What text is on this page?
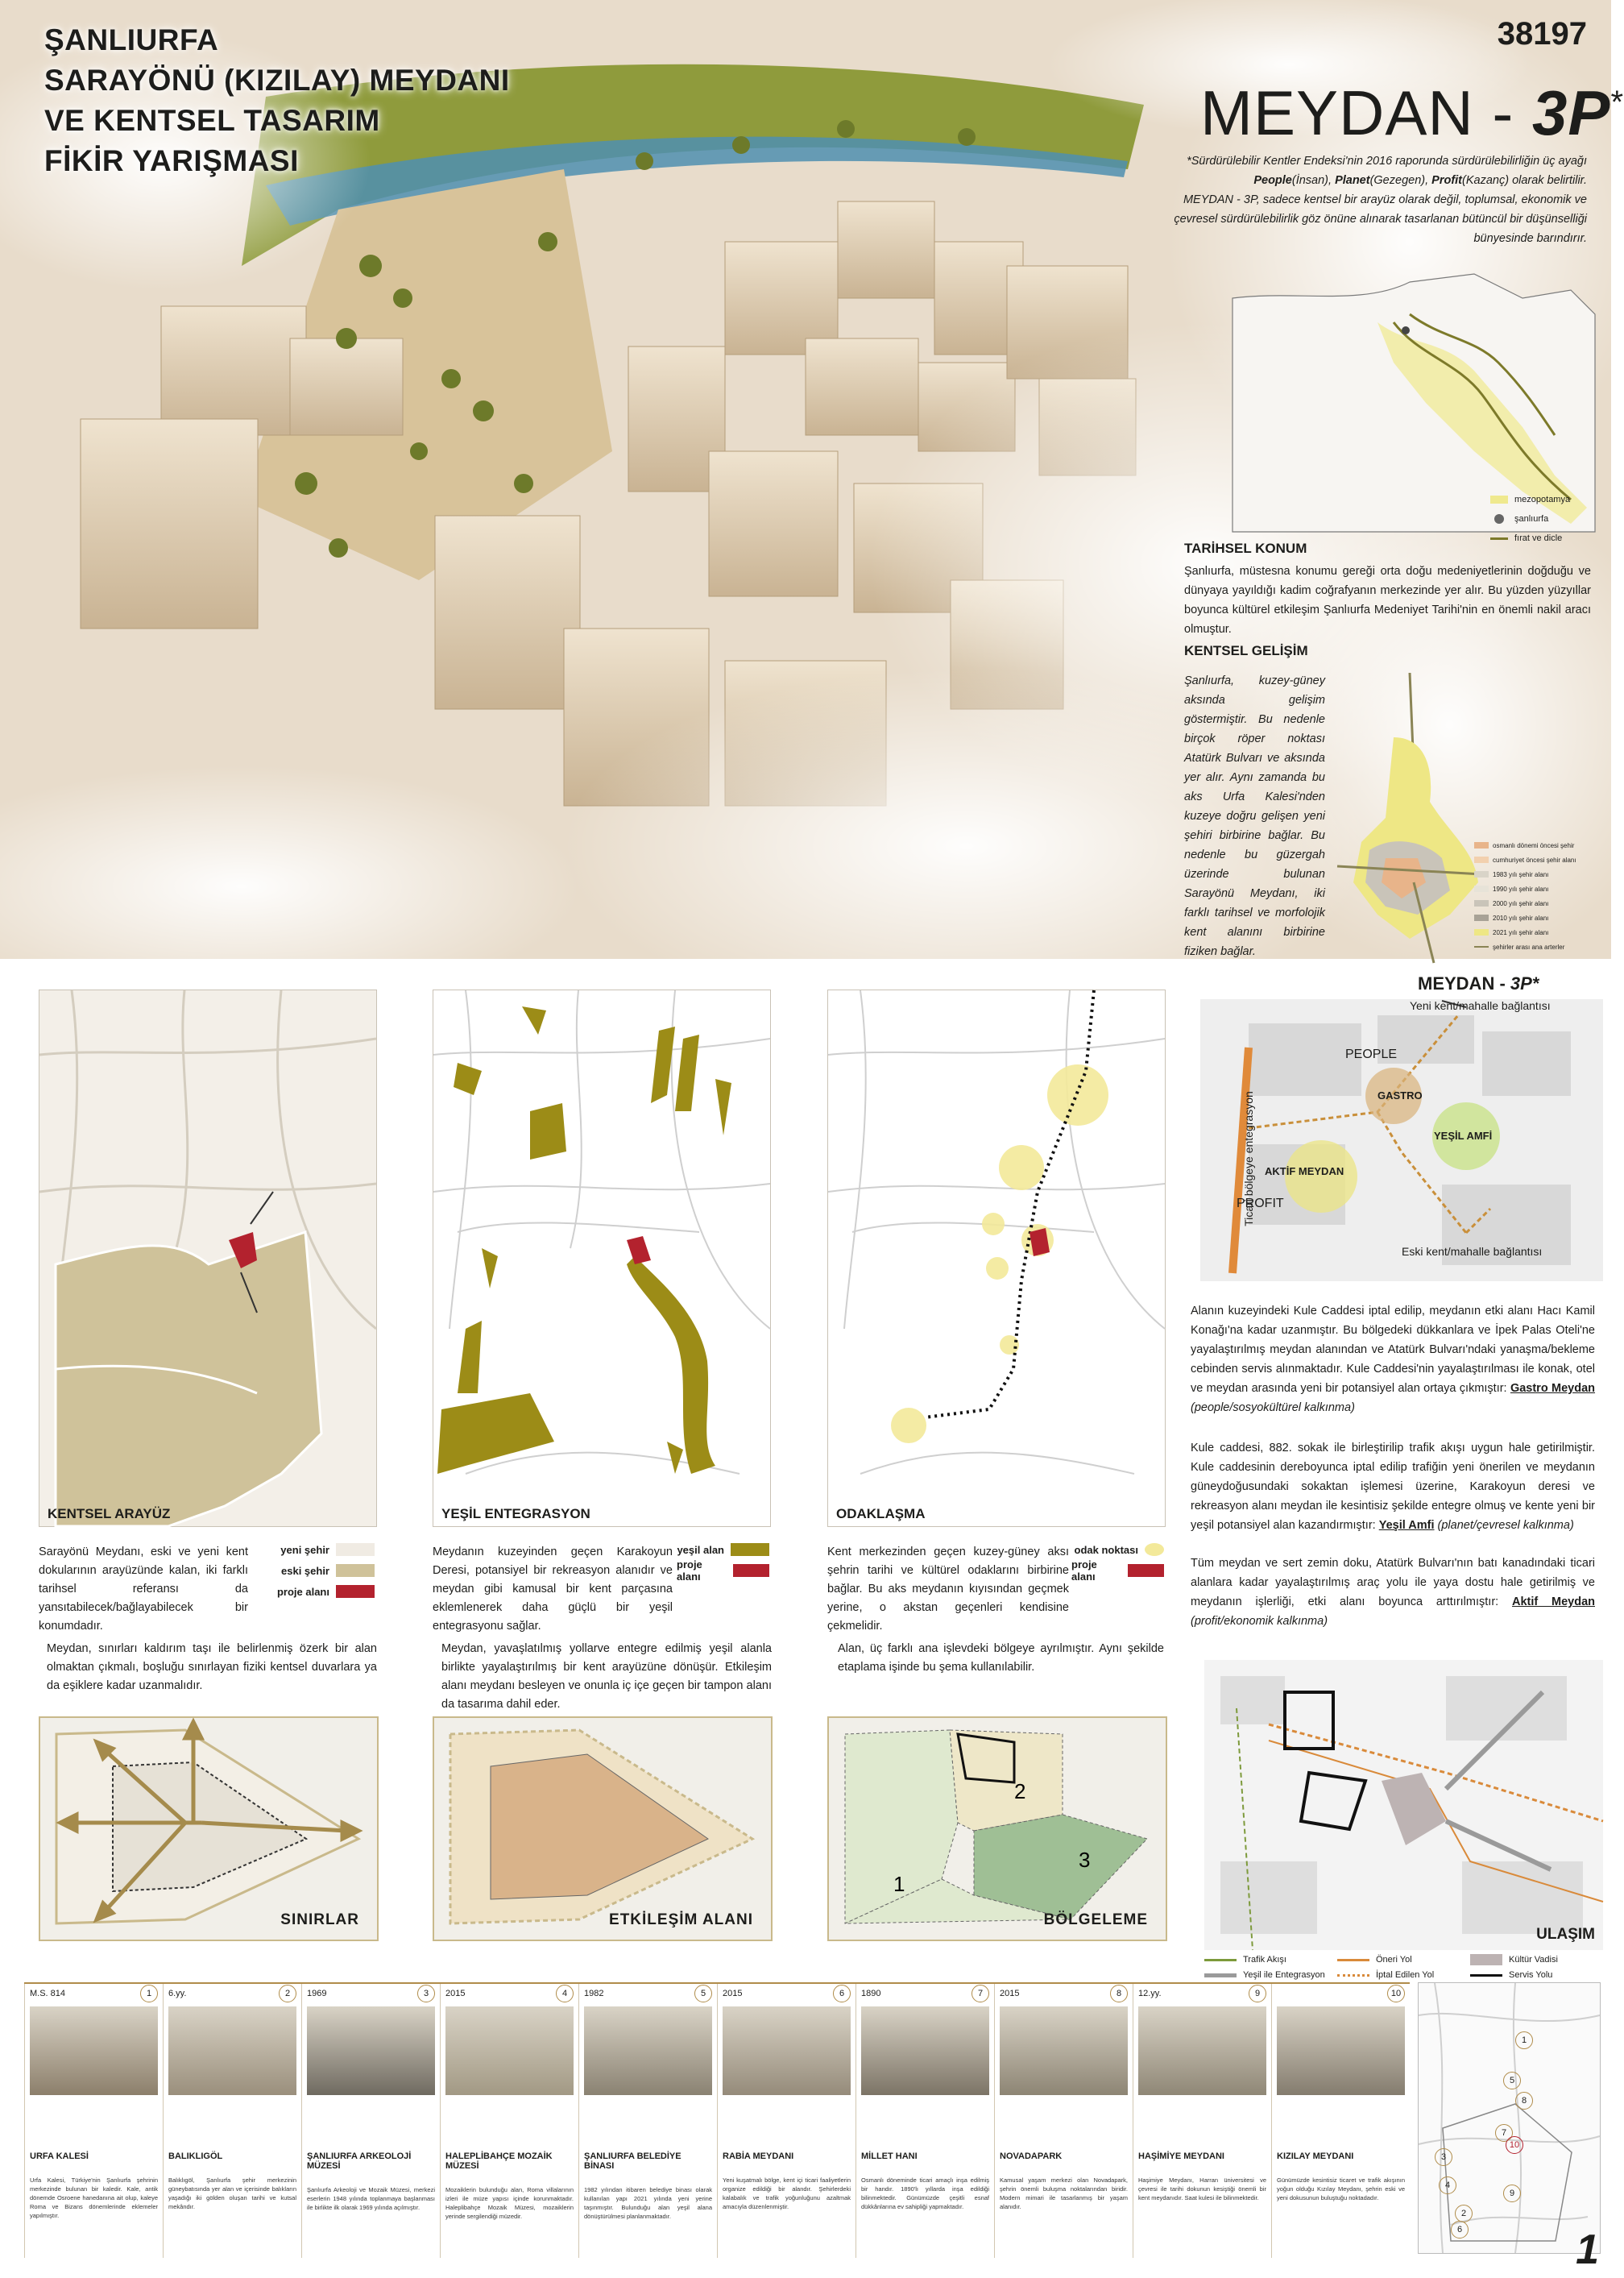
ŞANLIURFA
SARAYÖNÜ (KIZILAY) MEYDANI
VE KENTSEL TASARIM
FİKİR YARIŞMASI
38197
MEYDAN - 3P*
*Sürdürülebilir Kentler Endeksi'nin 2016 raporunda sürdürülebilirliğin üç ayağı
People(İnsan), Planet(Gezegen), Profit(Kazanç) olarak belirtilir.
MEYDAN - 3P, sadece kentsel bir arayüz olarak değil, toplumsal, ekonomik ve çevresel sürdürülebilirlik göz önüne alınarak tasarlanan bütüncül bir düşünselliği bünyesinde barındırır.
mezopotamya
şanlıurfa
fırat ve dicle
TARİHSEL KONUM
Şanlıurfa, müstesna konumu gereği orta doğu medeniyetlerinin doğduğu ve dünyaya yayıldığı kadim coğrafyanın merkezinde yer alır. Bu yüzden yüzyıllar boyunca kültürel etkileşim Şanlıurfa Medeniyet Tarihi'nin en önemli nakil aracı olmuştur.
KENTSEL GELİŞİM
Şanlıurfa, kuzey-güney aksında gelişim göstermiştir. Bu nedenle birçok röper noktası Atatürk Bulvarı ve aksında yer alır. Aynı zamanda bu aks Urfa Kalesi'nden kuzeye doğru gelişen yeni şehiri birbirine bağlar. Bu nedenle bu güzergah üzerinde bulunan Sarayönü Meydanı, iki farklı tarihsel ve morfolojik kent alanını birbirine fiziken bağlar.
osmanlı dönemi öncesi şehir
cumhuriyet öncesi şehir alanı
1983 yılı şehir alanı
1990 yılı şehir alanı
2000 yılı şehir alanı
2010 yılı şehir alanı
2021 yılı şehir alanı
şehirler arası ana arterler
KENTSEL ARAYÜZ	YEŞİL ENTEGRASYON	ODAKLAŞMA
Sarayönü Meydanı, eski ve yeni kent dokularının arayüzünde kalan, iki farklı tarihsel referansı da yansıtabilecek/bağlayabilecek bir konumdadır.
yeni şehir
eski şehir
proje alanı
Meydanın kuzeyinden geçen Karakoyun Deresi, potansiyel bir rekreasyon alanıdır ve meydan gibi kamusal bir kent parçasına eklemlenerek daha güçlü bir yeşil entegrasyonu sağlar.
yeşil alan
proje alanı
Kent merkezinden geçen kuzey-güney aksı şehrin tarihi ve kültürel odaklarını birbirine bağlar. Bu aks meydanın kıyısından geçmek yerine, o akstan geçenleri kendisine çekmelidir.
odak noktası
proje alanı
Meydan, sınırları kaldırım taşı ile belirlenmiş özerk bir alan olmaktan çıkmalı, boşluğu sınırlayan fiziki kentsel duvarlara ya da eşiklere kadar uzanmalıdır.
Meydan, yavaşlatılmış yollarve entegre edilmiş yeşil alanla birlikte yayalaştırılmış bir kent arayüzüne dönüşür. Etkileşim alanı meydanı besleyen ve onunla iç içe geçen bir tampon alanı da tasarıma dahil eder.
Alan, üç farklı ana işlevdeki bölgeye ayrılmıştır. Aynı şekilde etaplama işinde bu şema kullanılabilir.
SINIRLAR	ETKİLEŞİM ALANI
2
3
1
BÖLGELEME
MEYDAN - 3P*
Yeni kent/mahalle bağlantısı
Ticari bölgeye entegrasyon
Eski kent/mahalle bağlantısı
PEOPLE
PROFIT
GASTRO
YEŞİL AMFİ
AKTİF MEYDAN
Alanın kuzeyindeki Kule Caddesi iptal edilip, meydanın etki alanı Hacı Kamil Konağı'na kadar uzanmıştır. Bu bölgedeki dükkanlara ve İpek Palas Oteli'ne yayalaştırılmış meydan alanından ve Atatürk Bulvarı'ndaki yanaşma/bekleme cebinden servis alınmaktadır. Kule Caddesi'nin yayalaştırılması ile konak, otel ve meydan arasında yeni bir potansiyel alan ortaya çıkmıştır: Gastro Meydan (people/sosyokültürel kalkınma)
Kule caddesi, 882. sokak ile birleştirilip trafik akışı uygun hale getirilmiştir. Kule caddesinin dereboyunca iptal edilip trafiğin yeni önerilen ve meydanın güneydoğusundaki sokaktan işlemesi üzerine, Karakoyun deresi ve rekreasyon alanı meydan ile kesintisiz şekilde entegre olmuş ve kente yeni bir yeşil potansiyel alan kazandırmıştır: Yeşil Amfi (planet/çevresel kalkınma)
Tüm meydan ve sert zemin doku, Atatürk Bulvarı'nın batı kanadındaki ticari alanlara kadar yayalaştırılmış araç yolu ile yaya dostu hale getirilmiş ve meydanın işlerliği, etki alanı boyunca arttırılmıştır: Aktif Meydan (profit/ekonomik kalkınma)
ULAŞIM
Trafik Akışı	Öneri Yol	Kültür Vadisi
Yeşil ile Entegrasyon	İptal Edilen Yol	Servis Yolu
M.S. 814	1
URFA KALESİ
Urfa Kalesi, Türkiye'nin Şanlıurfa şehrinin merkezinde bulunan bir kaledir. Kale, antik dönemde Osroene hanedanına ait olup, kaleye Roma ve Bizans dönemlerinde eklemeler yapılmıştır.
6.yy.	2
BALIKLIGÖL
Balıklıgöl, Şanlıurfa şehir merkezinin güneybatısında yer alan ve içerisinde balıkların yaşadığı iki gölden oluşan tarihi ve kutsal mekândır.
1969	3
ŞANLIURFA ARKEOLOJİ MÜZESİ
Şanlıurfa Arkeoloji ve Mozaik Müzesi, merkezi eserlerin 1948 yılında toplanmaya başlanması ile birlikte ilk olarak 1969 yılında açılmıştır.
2015	4
HALEPLİBAHÇE MOZAİK MÜZESİ
Mozaiklerin bulunduğu alan, Roma villalarının izleri ile müze yapısı içinde korunmaktadır. Haleplibahçe Mozaik Müzesi, mozaiklerin yerinde sergilendiği müzedir.
1982	5
ŞANLIURFA BELEDİYE BİNASI
1982 yılından itibaren belediye binası olarak kullanılan yapı 2021 yılında yeni yerine taşınmıştır. Bulunduğu alan yeşil alana dönüştürülmesi planlanmaktadır.
2015	6
RABİA MEYDANI
Yeni kuşatmalı bölge, kent içi ticari faaliyetlerin organize edildiği bir alandır. Şehirlerdeki kalabalık ve trafik yoğunluğunu azaltmak amacıyla düzenlenmiştir.
1890	7
MİLLET HANI
Osmanlı döneminde ticari amaçlı inşa edilmiş bir handır. 1890'lı yıllarda inşa edildiği bilinmektedir. Günümüzde çeşitli esnaf dükkânlarına ev sahipliği yapmaktadır.
2015	8
NOVADAPARK
Kamusal yaşam merkezi olan Novadapark, şehrin önemli buluşma noktalarından biridir. Modern mimari ile tasarlanmış bir yaşam alanıdır.
12.yy.	9
HAŞİMİYE MEYDANI
Haşimiye Meydanı, Harran üniversitesi ve çevresi ile tarihi dokunun kesiştiği önemli bir kent meydanıdır. Saat kulesi ile bilinmektedir.
10
KIZILAY MEYDANI
Günümüzde kesintisiz ticaret ve trafik akışının yoğun olduğu Kızılay Meydanı, şehrin eski ve yeni dokusunun buluştuğu noktadadır.
1
5
8
7
10
3
4
9
2
6	1
